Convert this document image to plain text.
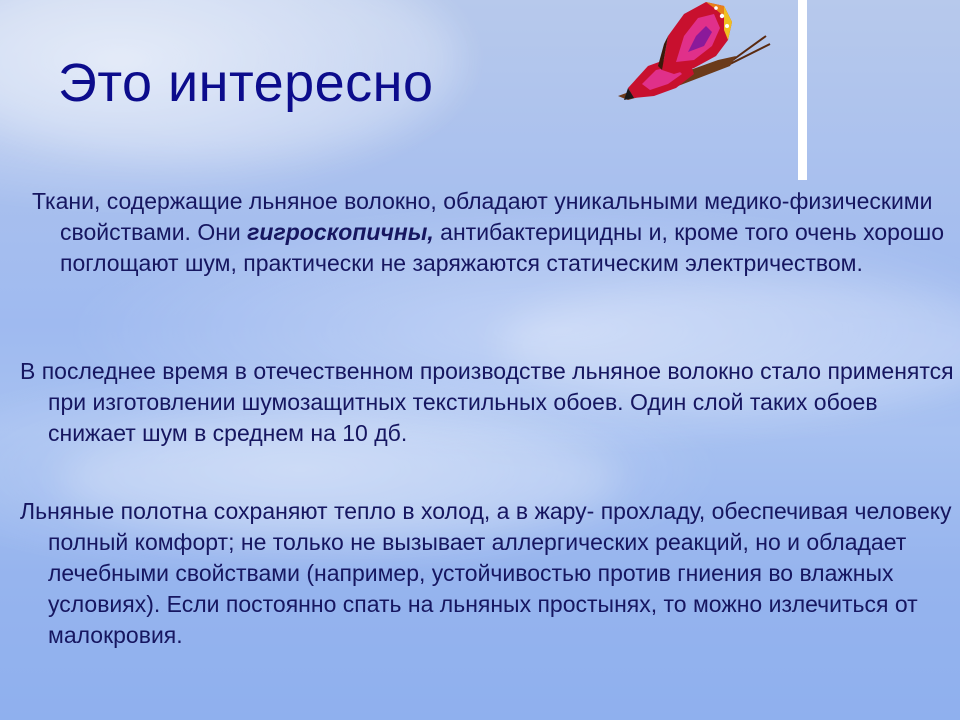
Это интересно

Ткани, содержащие льняное волокно, обладают уникальными медико-физическими свойствами. Они гигроскопичны, антибактерицидны и, кроме того очень хорошо поглощают шум, практически не заряжаются статическим электричеством.

В последнее время в отечественном производстве льняное волокно стало применятся при изготовлении шумозащитных текстильных обоев. Один слой таких обоев снижает шум в среднем на 10 дб.

Льняные полотна сохраняют тепло в холод, а в жару- прохладу, обеспечивая человеку полный комфорт; не только не вызывает аллергических реакций, но и обладает лечебными свойствами (например, устойчивостью против гниения во влажных условиях). Если постоянно спать на льняных простынях, то можно излечиться от малокровия.
